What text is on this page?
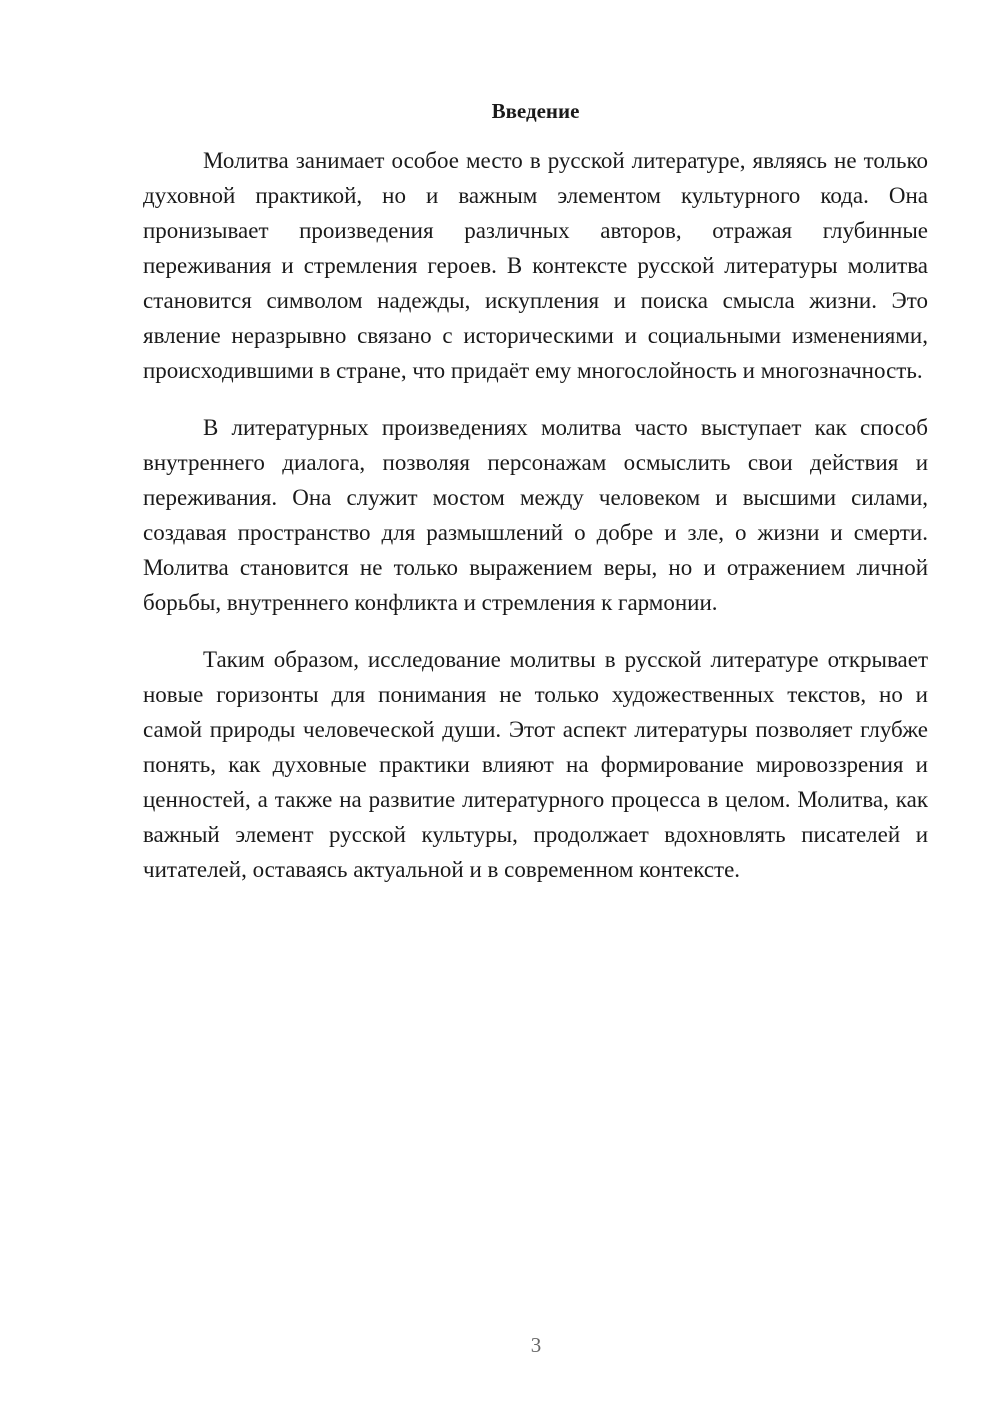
Введение

Молитва занимает особое место в русской литературе, являясь не только духовной практикой, но и важным элементом культурного кода. Она пронизывает произведения различных авторов, отражая глубинные переживания и стремления героев. В контексте русской литературы молитва становится символом надежды, искупления и поиска смысла жизни. Это явление неразрывно связано с историческими и социальными изменениями, происходившими в стране, что придаёт ему многослойность и многозначность.

В литературных произведениях молитва часто выступает как способ внутреннего диалога, позволяя персонажам осмыслить свои действия и переживания. Она служит мостом между человеком и высшими силами, создавая пространство для размышлений о добре и зле, о жизни и смерти. Молитва становится не только выражением веры, но и отражением личной борьбы, внутреннего конфликта и стремления к гармонии.

Таким образом, исследование молитвы в русской литературе открывает новые горизонты для понимания не только художественных текстов, но и самой природы человеческой души. Этот аспект литературы позволяет глубже понять, как духовные практики влияют на формирование мировоззрения и ценностей, а также на развитие литературного процесса в целом. Молитва, как важный элемент русской культуры, продолжает вдохновлять писателей и читателей, оставаясь актуальной и в современном контексте.

3
